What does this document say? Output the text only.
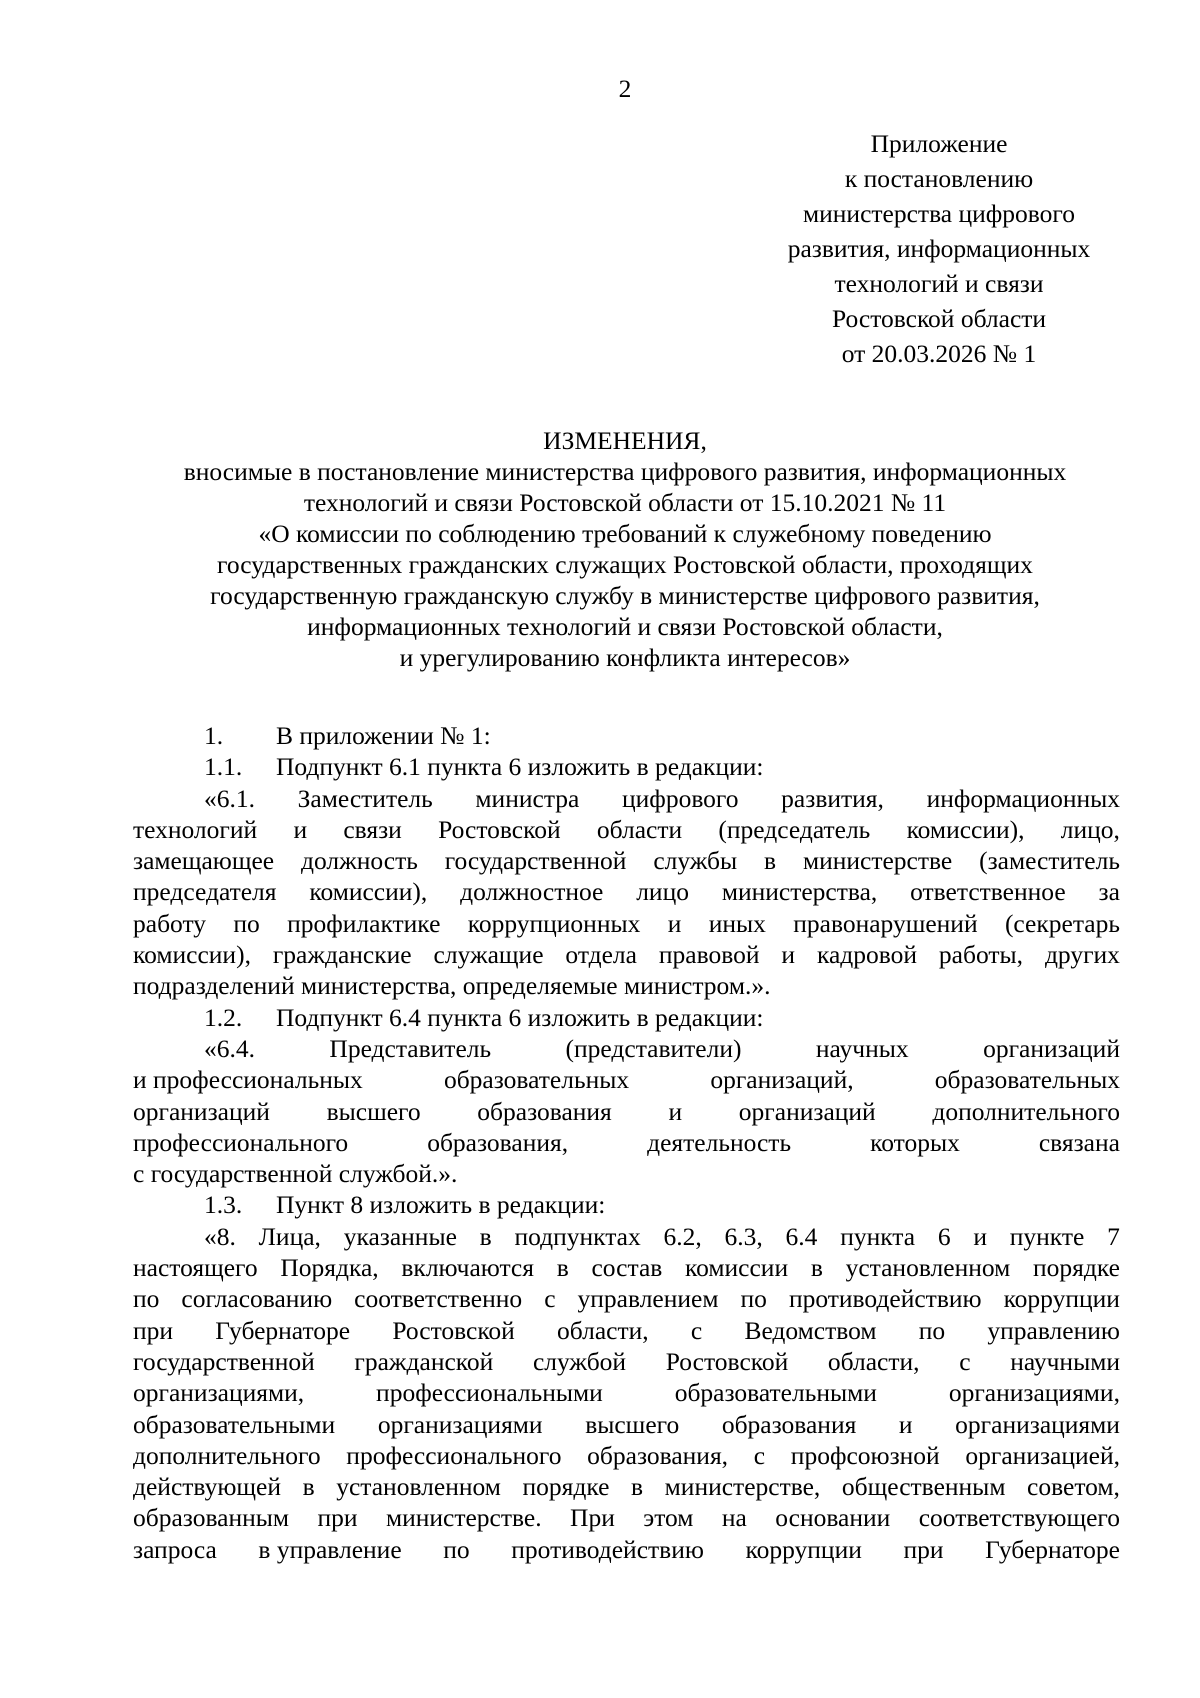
2
Приложение
к постановлению
министерства цифрового
развития, информационных
технологий и связи
Ростовской области
от 20.03.2026 № 1
ИЗМЕНЕНИЯ,
вносимые в постановление министерства цифрового развития, информационных
технологий и связи Ростовской области от 15.10.2021 № 11
«О комиссии по соблюдению требований к служебному поведению
государственных гражданских служащих Ростовской области, проходящих
государственную гражданскую службу в министерстве цифрового развития,
информационных технологий и связи Ростовской области,
и урегулированию конфликта интересов»
1.	В приложении № 1:
1.1.	Подпункт 6.1 пункта 6 изложить в редакции:
«6.1. Заместитель министра цифрового развития, информационных
технологий и связи Ростовской области (председатель комиссии), лицо,
замещающее должность государственной службы в министерстве (заместитель
председателя комиссии), должностное лицо министерства, ответственное за
работу по профилактике коррупционных и иных правонарушений (секретарь
комиссии), гражданские служащие отдела правовой и кадровой работы, других
подразделений министерства, определяемые министром.».
1.2.	Подпункт 6.4 пункта 6 изложить в редакции:
«6.4.	Представитель	(представители)	научных	организаций
и профессиональных	образовательных	организаций,	образовательных
организаций высшего образования и организаций дополнительного
профессионального	образования,	деятельность	которых	связана
с государственной службой.».
1.3.	Пункт 8 изложить в редакции:
«8. Лица, указанные в подпунктах 6.2, 6.3, 6.4 пункта 6 и пункте 7
настоящего Порядка, включаются в состав комиссии в установленном порядке
по согласованию соответственно с управлением по противодействию коррупции
при Губернаторе Ростовской области, с Ведомством по управлению
государственной гражданской службой Ростовской области, с научными
организациями,	профессиональными	образовательными	организациями,
образовательными организациями высшего образования и организациями
дополнительного профессионального образования, с профсоюзной организацией,
действующей в установленном порядке в министерстве, общественным советом,
образованным при министерстве. При этом на основании соответствующего
запроса в управление по противодействию коррупции при Губернаторе
